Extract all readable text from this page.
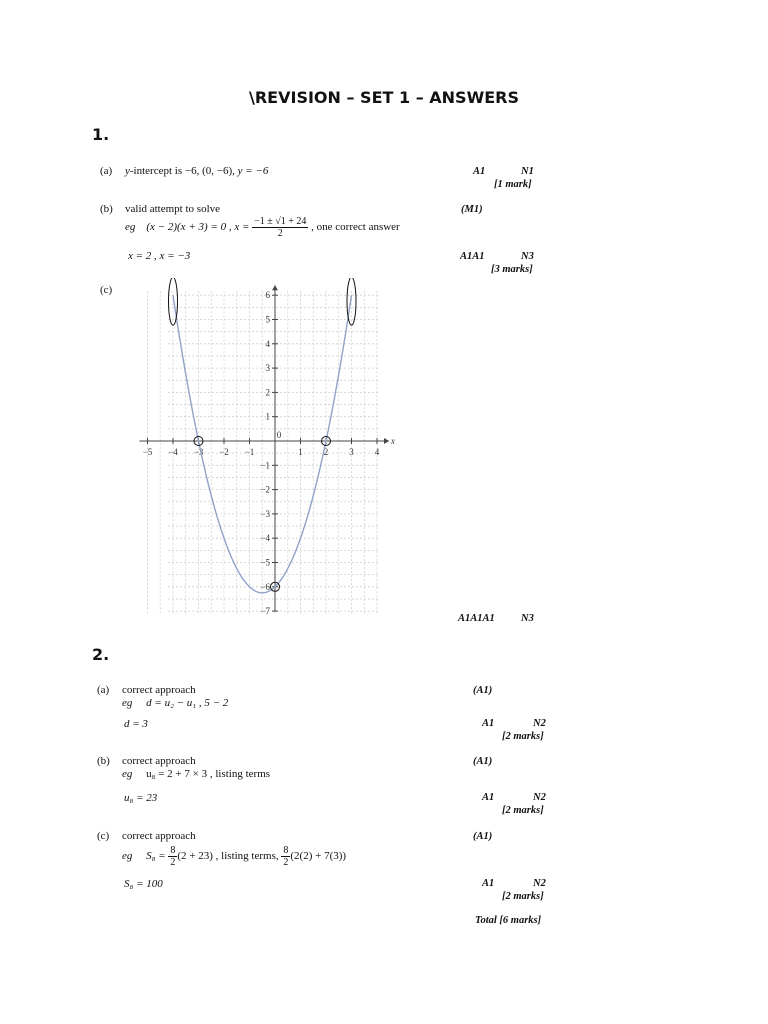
\REVISION – SET 1 – ANSWERS
1.
(a) y-intercept is −6, (0, −6), y = −6	A1	N1
[1 mark]
(b) valid attempt to solve	(M1)
eg (x − 2)(x + 3) = 0 , $x = \frac{-1 \pm √1 + 24}{2}$ , one correct answer
x = 2 , x = −3	A1A1	N3
[3 marks]
(c)
−5 −4 −3 −2 −1
0
1 2 3 4
6
5
4
3
2
1
−1
−2
−3
−4
−5
−6
−7
x
A1A1A1 N3
2.
(a) correct approach	(A1)
eg d = u₂ − u₁ , 5 − 2
d = 3	A1	N2
[2 marks]
(b) correct approach	(A1)
eg u₈ = 2 + 7 × 3 , listing terms
u₈ = 23	A1	N2
[2 marks]
(c) correct approach	(A1)
eg $S_8 = \frac{8}{2} (2 + 23)$ , listing terms, $\frac{8}{2} (2(2) + 7(3))$
S₈ = 100	A1	N2
[2 marks]
Total [6 marks]
